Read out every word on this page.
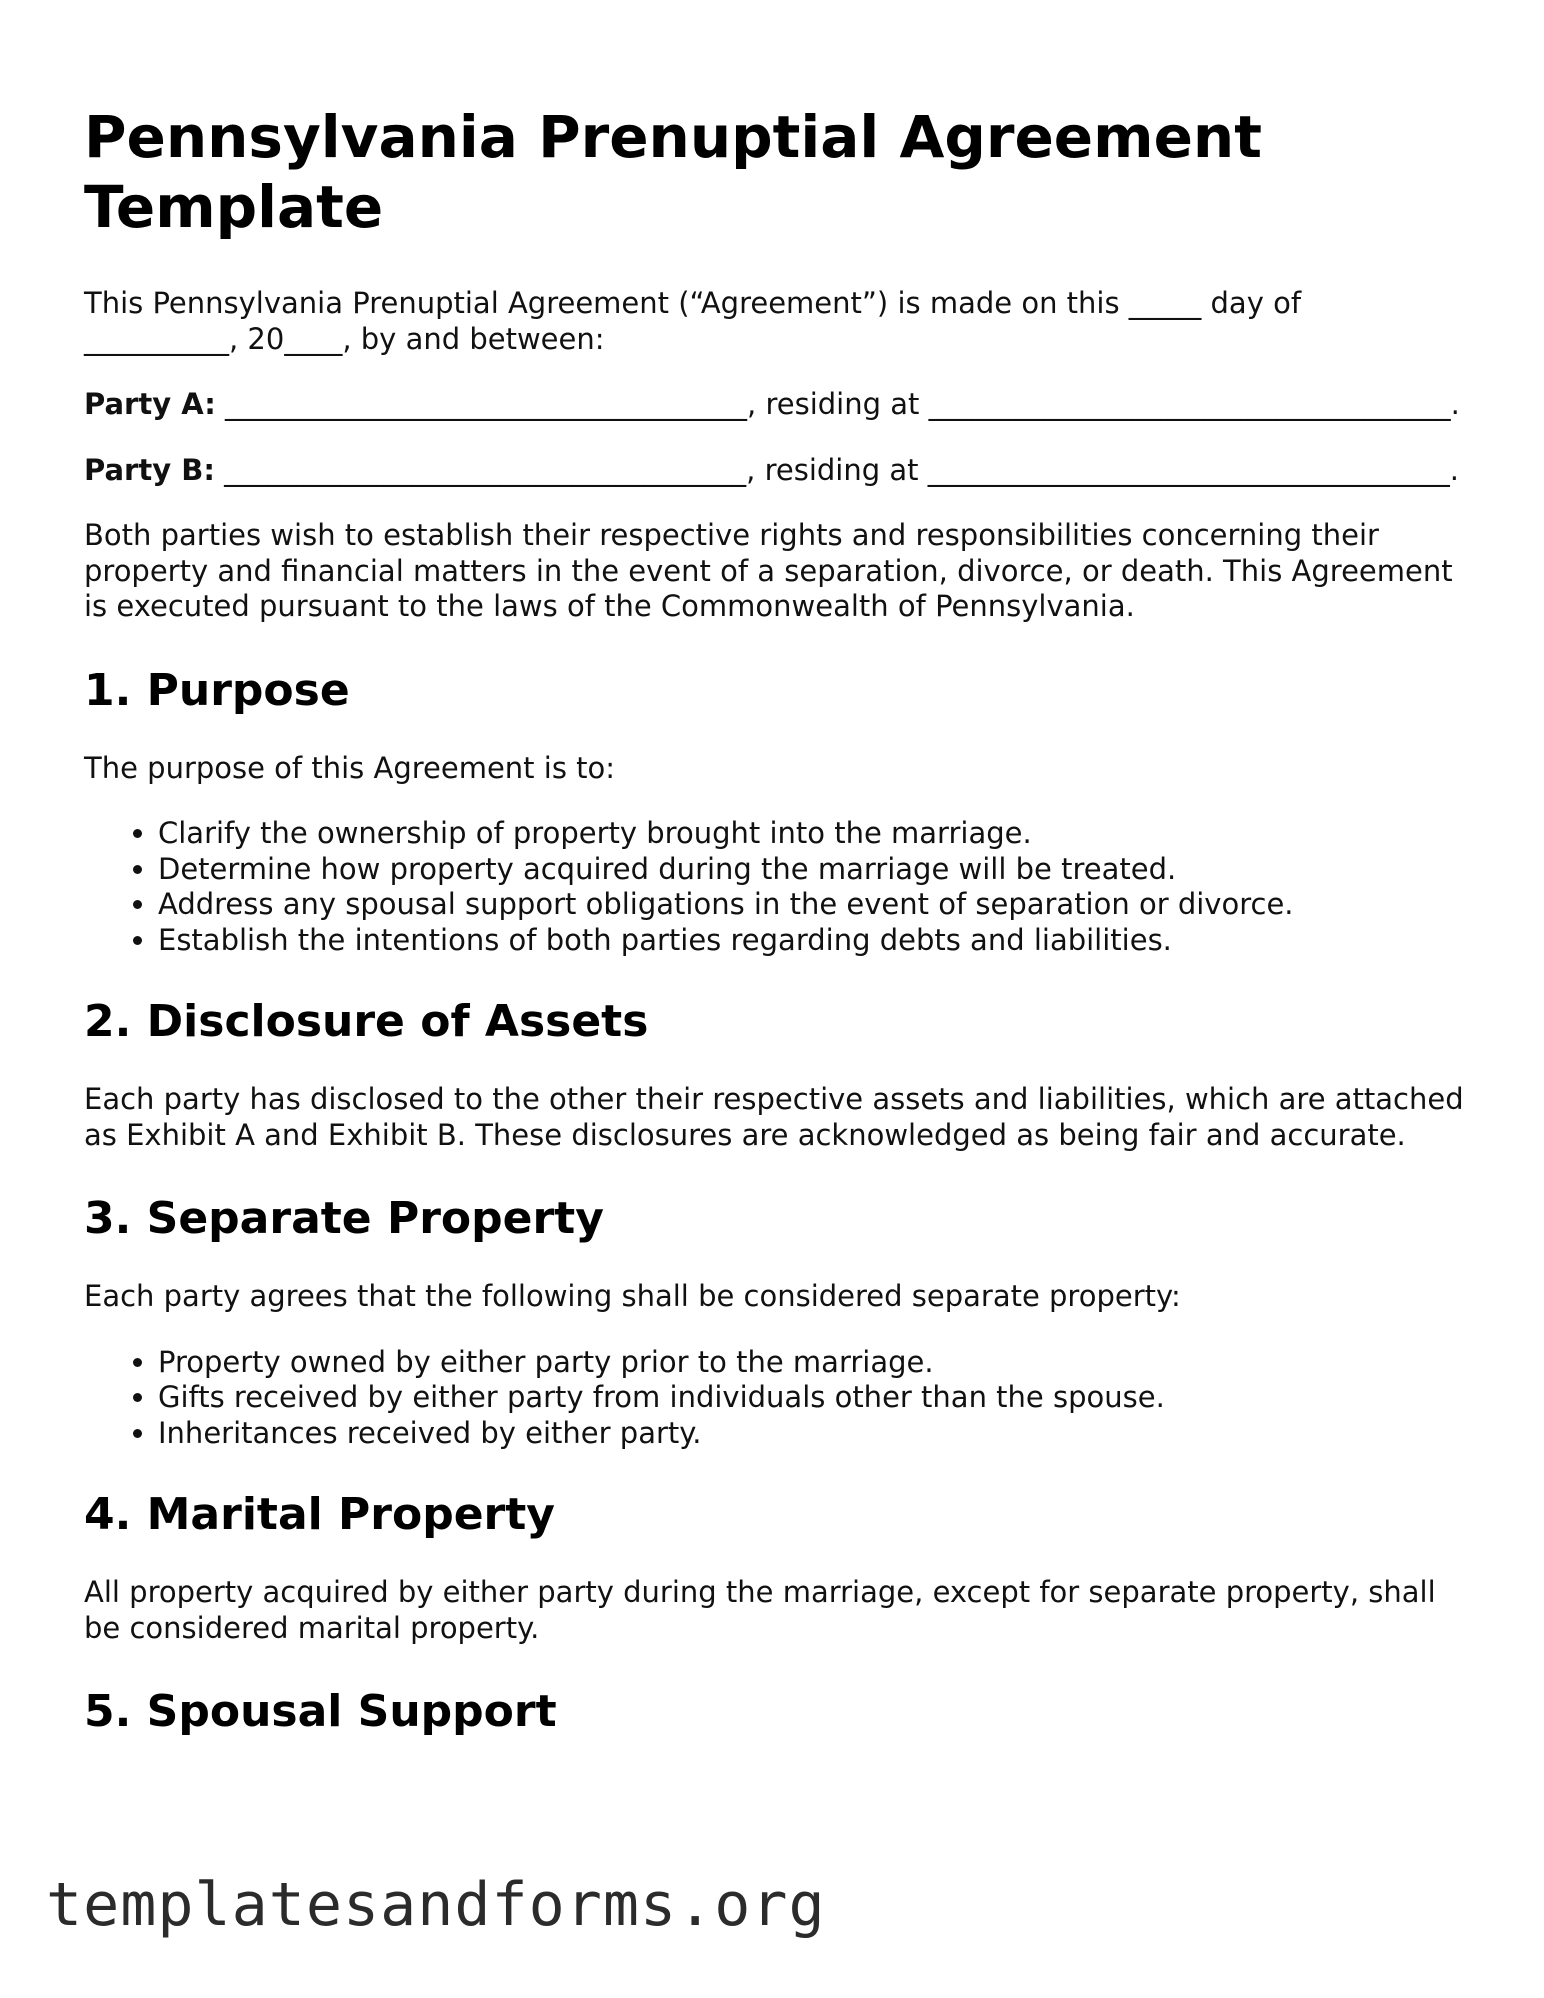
Pennsylvania Prenuptial Agreement Template

This Pennsylvania Prenuptial Agreement (“Agreement”) is made on this _____ day of __________, 20____, by and between:

Party A: ____________________________________, residing at ____________________________________.

Party B: ____________________________________, residing at ____________________________________.

Both parties wish to establish their respective rights and responsibilities concerning their property and financial matters in the event of a separation, divorce, or death. This Agreement is executed pursuant to the laws of the Commonwealth of Pennsylvania.

1. Purpose

The purpose of this Agreement is to:

• Clarify the ownership of property brought into the marriage.
• Determine how property acquired during the marriage will be treated.
• Address any spousal support obligations in the event of separation or divorce.
• Establish the intentions of both parties regarding debts and liabilities.
2. Disclosure of Assets

Each party has disclosed to the other their respective assets and liabilities, which are attached as Exhibit A and Exhibit B. These disclosures are acknowledged as being fair and accurate.

3. Separate Property

Each party agrees that the following shall be considered separate property:

• Property owned by either party prior to the marriage.
• Gifts received by either party from individuals other than the spouse.
• Inheritances received by either party.
4. Marital Property

All property acquired by either party during the marriage, except for separate property, shall be considered marital property.

5. Spousal Support
templatesandforms.org
